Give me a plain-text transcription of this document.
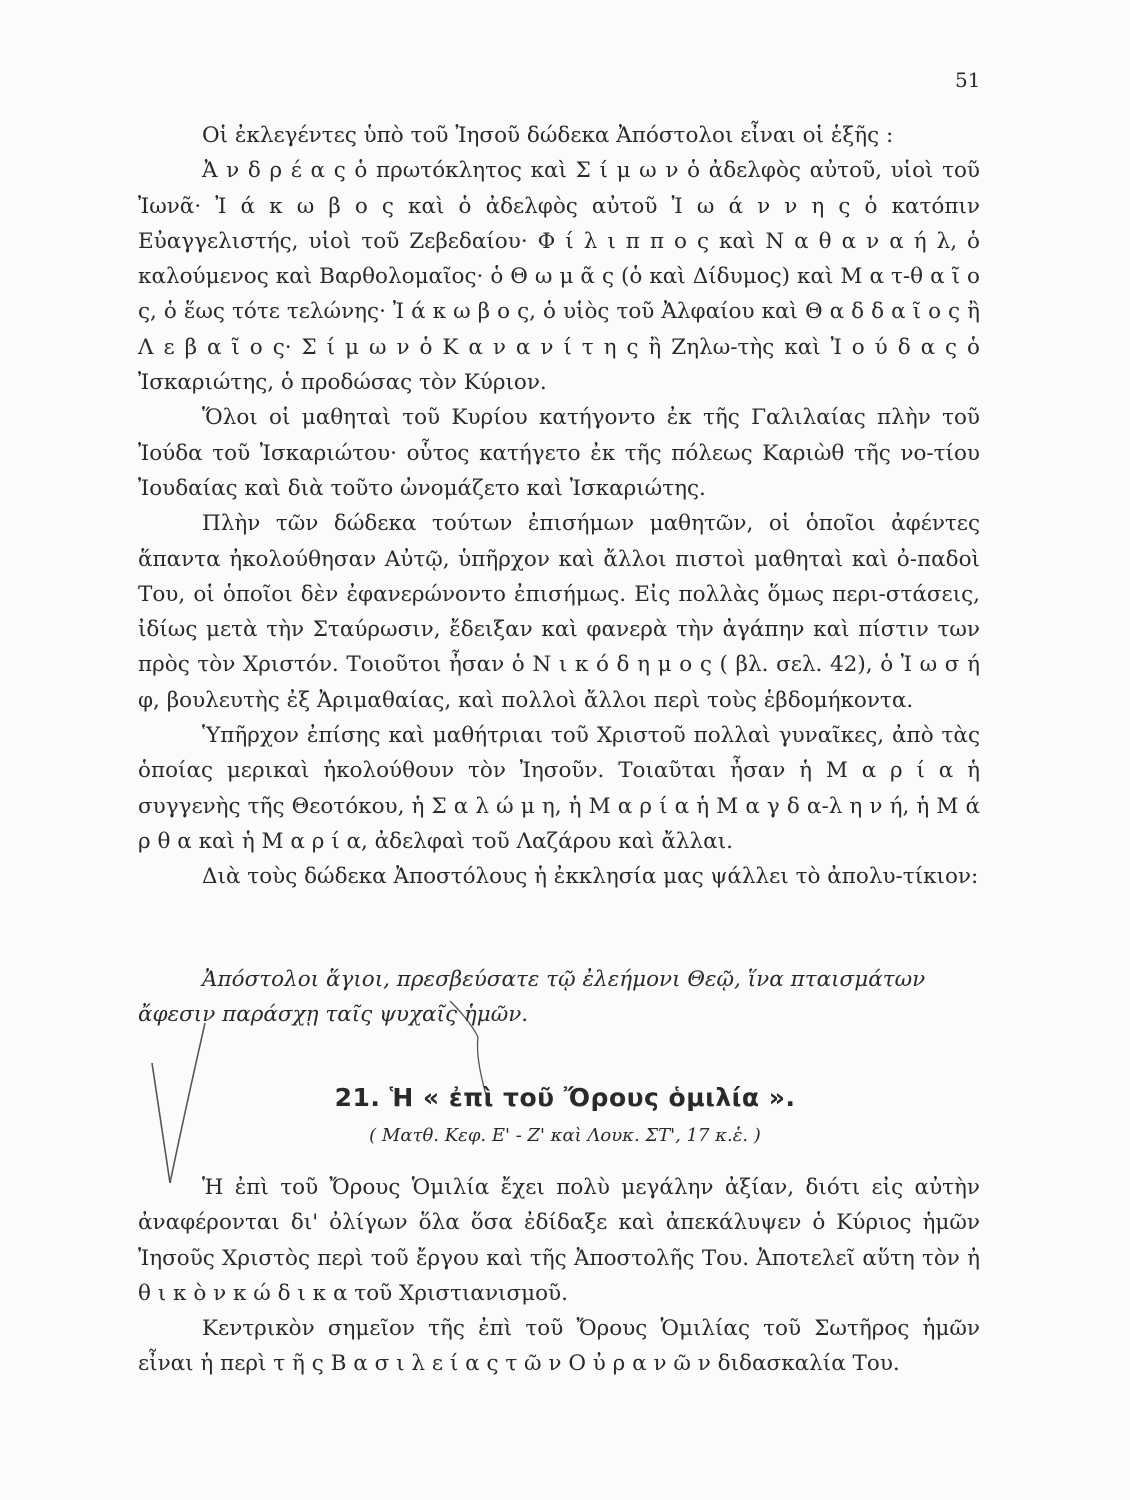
51

Οἱ ἐκλεγέντες ὑπὸ τοῦ Ἰησοῦ δώδεκα Ἀπόστολοι εἶναι οἱ ἑξῆς :

Ἀ ν δ ρ έ α ς ὁ πρωτόκλητος καὶ Σ ί μ ω ν ὁ ἀδελφὸς αὐτοῦ, υἱοὶ τοῦ Ἰωνᾶ· Ἰ ά κ ω β ο ς καὶ ὁ ἀδελφὸς αὐτοῦ Ἰ ω ά ν ν η ς ὁ κατόπιν Εὐαγγελιστής, υἱοὶ τοῦ Ζεβεδαίου· Φ ί λ ι π π ο ς καὶ Ν α θ α ν α ή λ, ὁ καλούμενος καὶ Βαρθολομαῖος· ὁ Θ ω μ ᾶ ς (ὁ καὶ Δίδυμος) καὶ Μ α τ-θ α ῖ ο ς, ὁ ἕως τότε τελώνης· Ἰ ά κ ω β ο ς, ὁ υἱὸς τοῦ Ἀλφαίου καὶ Θ α δ δ α ῖ ο ς ἢ Λ ε β α ῖ ο ς· Σ ί μ ω ν ὁ Κ α ν α ν ί τ η ς ἢ Ζηλω-τὴς καὶ Ἰ ο ύ δ α ς ὁ Ἰσκαριώτης, ὁ προδώσας τὸν Κύριον.

Ὅλοι οἱ μαθηταὶ τοῦ Κυρίου κατήγοντο ἐκ τῆς Γαλιλαίας πλὴν τοῦ Ἰούδα τοῦ Ἰσκαριώτου· οὗτος κατήγετο ἐκ τῆς πόλεως Καριὼθ τῆς νο-τίου Ἰουδαίας καὶ διὰ τοῦτο ὠνομάζετο καὶ Ἰσκαριώτης.

Πλὴν τῶν δώδεκα τούτων ἐπισήμων μαθητῶν, οἱ ὁποῖοι ἀφέντες ἅπαντα ἠκολούθησαν Αὐτῷ, ὑπῆρχον καὶ ἄλλοι πιστοὶ μαθηταὶ καὶ ὀ-παδοὶ Του, οἱ ὁποῖοι δὲν ἐφανερώνοντο ἐπισήμως. Εἰς πολλὰς ὅμως περι-στάσεις, ἰδίως μετὰ τὴν Σταύρωσιν, ἔδειξαν καὶ φανερὰ τὴν ἀγάπην καὶ πίστιν των πρὸς τὸν Χριστόν. Τοιοῦτοι ἦσαν ὁ Ν ι κ ό δ η μ ο ς ( βλ. σελ. 42), ὁ Ἰ ω σ ή φ, βουλευτὴς ἐξ Ἀριμαθαίας, καὶ πολλοὶ ἄλλοι περὶ τοὺς ἑβδομήκοντα.

Ὑπῆρχον ἐπίσης καὶ μαθήτριαι τοῦ Χριστοῦ πολλαὶ γυναῖκες, ἀπὸ τὰς ὁποίας μερικαὶ ἠκολούθουν τὸν Ἰησοῦν. Τοιαῦται ἦσαν ἡ Μ α ρ ί α ἡ συγγενὴς τῆς Θεοτόκου, ἡ Σ α λ ώ μ η, ἡ Μ α ρ ί α ἡ Μ α γ δ α-λ η ν ή, ἡ Μ ά ρ θ α καὶ ἡ Μ α ρ ί α, ἀδελφαὶ τοῦ Λαζάρου καὶ ἄλλαι.

Διὰ τοὺς δώδεκα Ἀποστόλους ἡ ἐκκλησία μας ψάλλει τὸ ἀπολυ-τίκιον:

Ἀπόστολοι ἅγιοι, πρεσβεύσατε τῷ ἐλεήμονι Θεῷ, ἵνα πταισμάτων ἄφεσιν παράσχῃ ταῖς ψυχαῖς ἡμῶν.

21. Ἡ « ἐπὶ τοῦ Ὄρους ὁμιλία ».
( Ματθ. Κεφ. Ε' - Ζ' καὶ Λουκ. ΣΤ', 17 κ.ἑ. )

Ἡ ἐπὶ τοῦ Ὄρους Ὁμιλία ἔχει πολὺ μεγάλην ἀξίαν, διότι εἰς αὐτὴν ἀναφέρονται δι' ὀλίγων ὅλα ὅσα ἐδίδαξε καὶ ἀπεκάλυψεν ὁ Κύριος ἡμῶν Ἰησοῦς Χριστὸς περὶ τοῦ ἔργου καὶ τῆς Ἀποστολῆς Του. Ἀποτελεῖ αὕτη τὸν ἠ θ ι κ ὸ ν κ ώ δ ι κ α τοῦ Χριστιανισμοῦ.

Κεντρικὸν σημεῖον τῆς ἐπὶ τοῦ Ὄρους Ὁμιλίας τοῦ Σωτῆρος ἡμῶν εἶναι ἡ περὶ τ ῆ ς Β α σ ι λ ε ί α ς τ ῶ ν Ο ὐ ρ α ν ῶ ν διδασκαλία Του.
